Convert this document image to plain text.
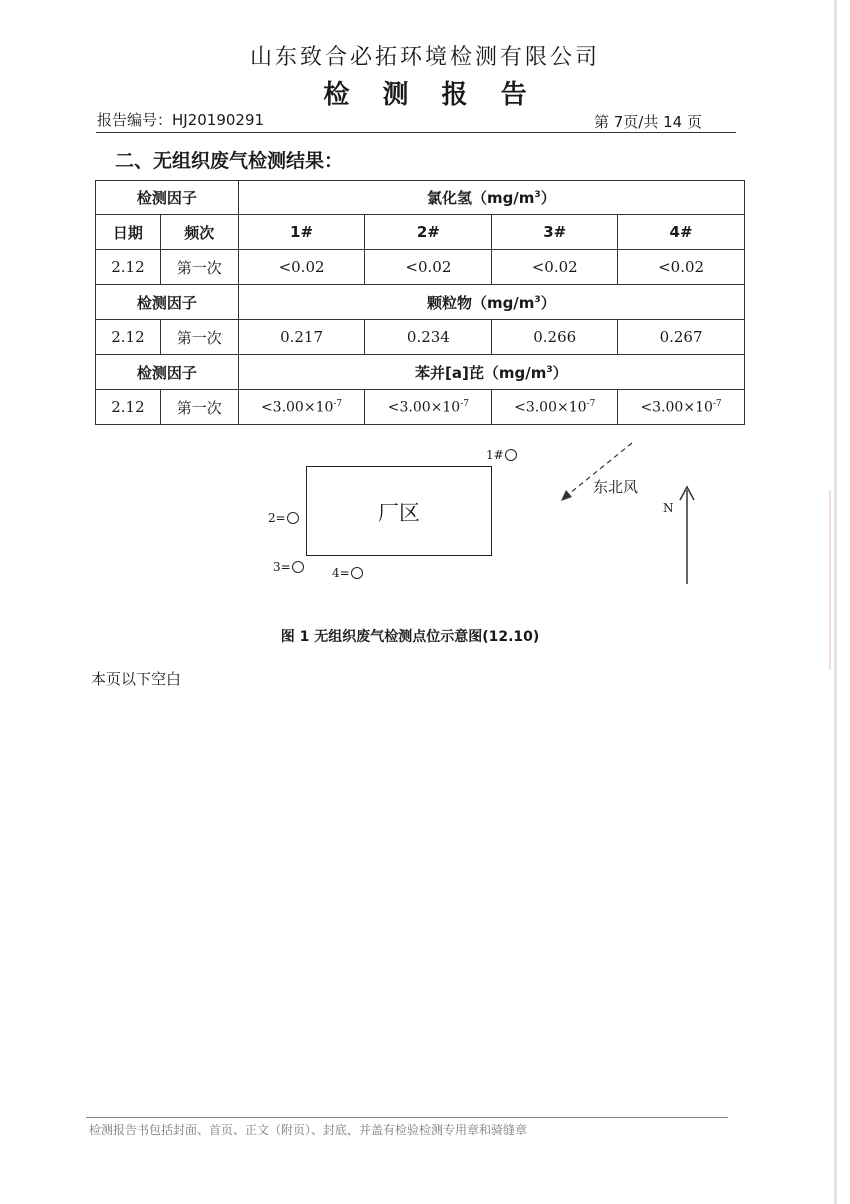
山东致合必拓环境检测有限公司
检 测 报 告
报告编号：HJ20190291	第 7页/共 14 页
二、无组织废气检测结果：
检测因子		氯化氢$(mg/m^3)$			
日期	频次	1#	2#	3#	4#
2.12	第一次	<0.02	<0.02	<0.02	<0.02
检测因子		颗粒物$(mg/m^3)$			
2.12	第一次	0.217	0.234	0.266	0.267
检测因子		苯并[a]芘$(mg/m^3)$			
2.12	第一次	$<3.00\times 10^{-7}$	$<3.00\times 10^{-7}$	$<3.00\times 10^{-7}$	$<3.00\times 10^{-7}$
厂区
1#
2=
3=	4=
东北风
N
图 1 无组织废气检测点位示意图(12.10)
本页以下空白
检测报告书包括封面、首页、正文（附页）、封底，并盖有检验检测专用章和骑缝章
